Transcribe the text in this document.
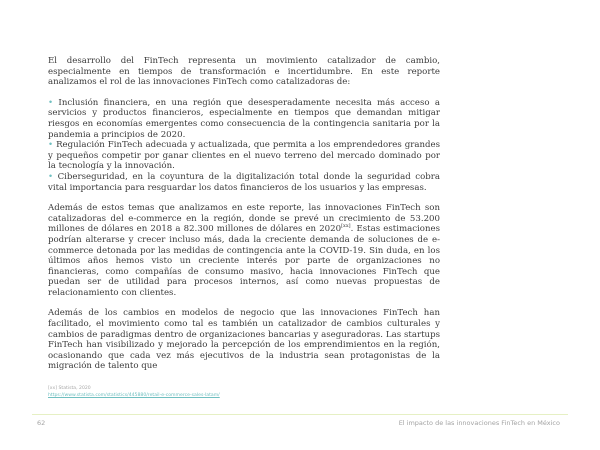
El desarrollo del FinTech representa un movimiento catalizador de cambio, especialmente en tiempos de transformación e incertidumbre. En este reporte analizamos el rol de las innovaciones FinTech como catalizadoras de:

• Inclusión financiera, en una región que desesperadamente necesita más acceso a servicios y productos financieros, especialmente en tiempos que demandan mitigar riesgos en economías emergentes como consecuencia de la contingencia sanitaria por la pandemia a principios de 2020.
• Regulación FinTech adecuada y actualizada, que permita a los emprendedores grandes y pequeños competir por ganar clientes en el nuevo terreno del mercado dominado por la tecnología y la innovación.
• Ciberseguridad, en la coyuntura de la digitalización total donde la seguridad cobra vital importancia para resguardar los datos financieros de los usuarios y las empresas.

Además de estos temas que analizamos en este reporte, las innovaciones FinTech son catalizadoras del e-commerce en la región, donde se prevé un crecimiento de 53.200 millones de dólares en 2018 a 82.300 millones de dólares en 2020[xx]. Estas estimaciones podrían alterarse y crecer incluso más, dada la creciente demanda de soluciones de e-commerce detonada por las medidas de contingencia ante la COVID-19. Sin duda, en los últimos años hemos visto un creciente interés por parte de organizaciones no financieras, como compañías de consumo masivo, hacia innovaciones FinTech que puedan ser de utilidad para procesos internos, así como nuevas propuestas de relacionamiento con clientes.

Además de los cambios en modelos de negocio que las innovaciones FinTech han facilitado, el movimiento como tal es también un catalizador de cambios culturales y cambios de paradigmas dentro de organizaciones bancarias y aseguradoras. Las startups FinTech han visibilizado y mejorado la percepción de los emprendimientos en la región, ocasionando que cada vez más ejecutivos de la industria sean protagonistas de la migración de talento que

[xx] Statista, 2020
https://www.statista.com/statistics/445880/retail-e-commerce-sales-latam/
62	El impacto de las innovaciones FinTech en México
